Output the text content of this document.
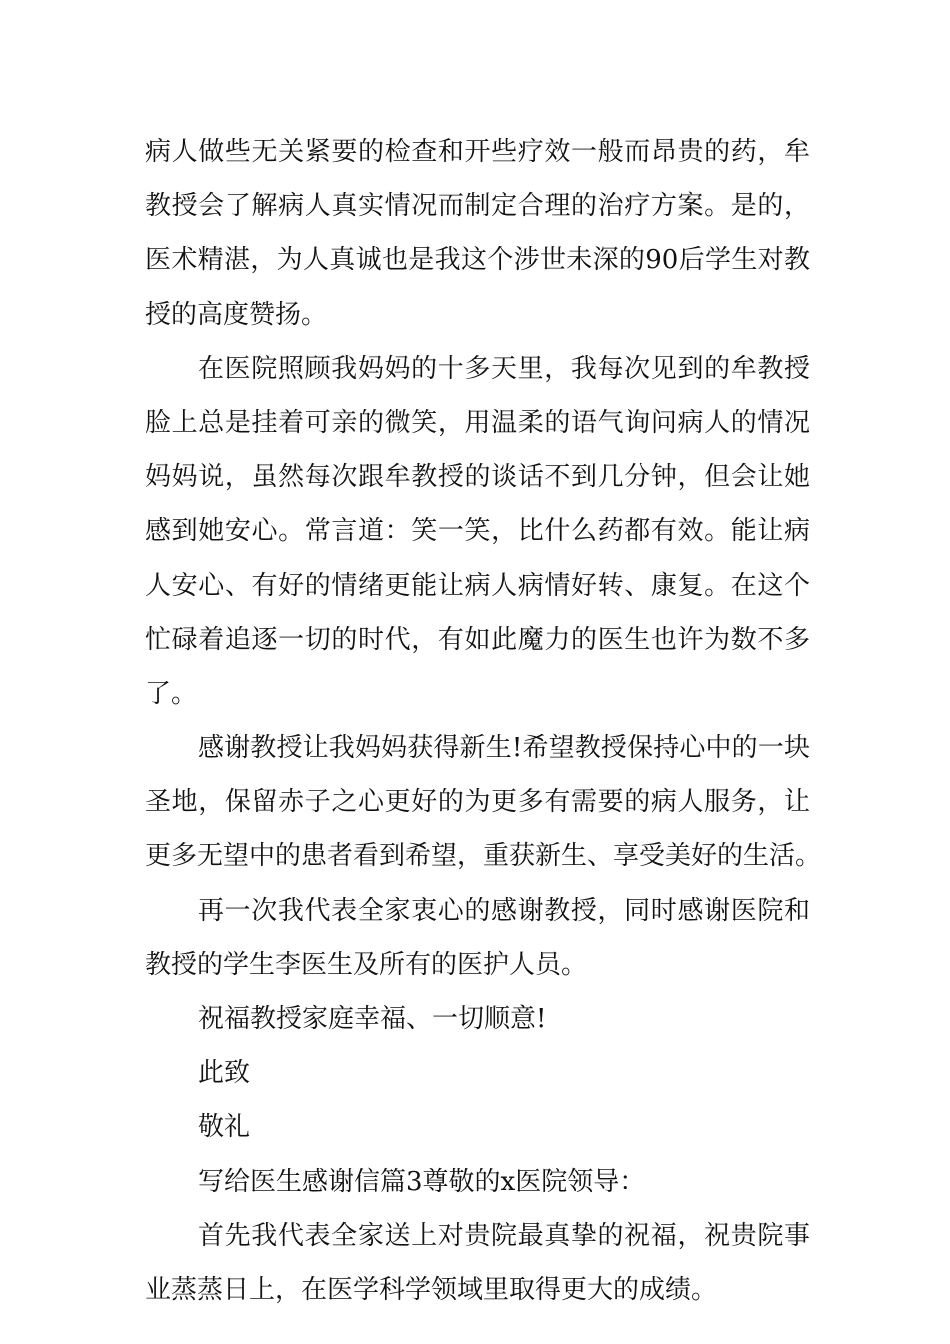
病人做些无关紧要的检查和开些疗效一般而昂贵的药，牟
教授会了解病人真实情况而制定合理的治疗方案。是的，
医术精湛，为人真诚也是我这个涉世未深的90后学生对教
授的高度赞扬。
在医院照顾我妈妈的十多天里，我每次见到的牟教授
脸上总是挂着可亲的微笑，用温柔的语气询问病人的情况
妈妈说，虽然每次跟牟教授的谈话不到几分钟，但会让她
感到她安心。常言道：笑一笑，比什么药都有效。能让病
人安心、有好的情绪更能让病人病情好转、康复。在这个
忙碌着追逐一切的时代，有如此魔力的医生也许为数不多
了。
感谢教授让我妈妈获得新生!希望教授保持心中的一块
圣地，保留赤子之心更好的为更多有需要的病人服务，让
更多无望中的患者看到希望，重获新生、享受美好的生活。
再一次我代表全家衷心的感谢教授，同时感谢医院和
教授的学生李医生及所有的医护人员。
祝福教授家庭幸福、一切顺意!
此致
敬礼
写给医生感谢信篇3尊敬的x医院领导：
首先我代表全家送上对贵院最真挚的祝福，祝贵院事
业蒸蒸日上，在医学科学领域里取得更大的成绩。
